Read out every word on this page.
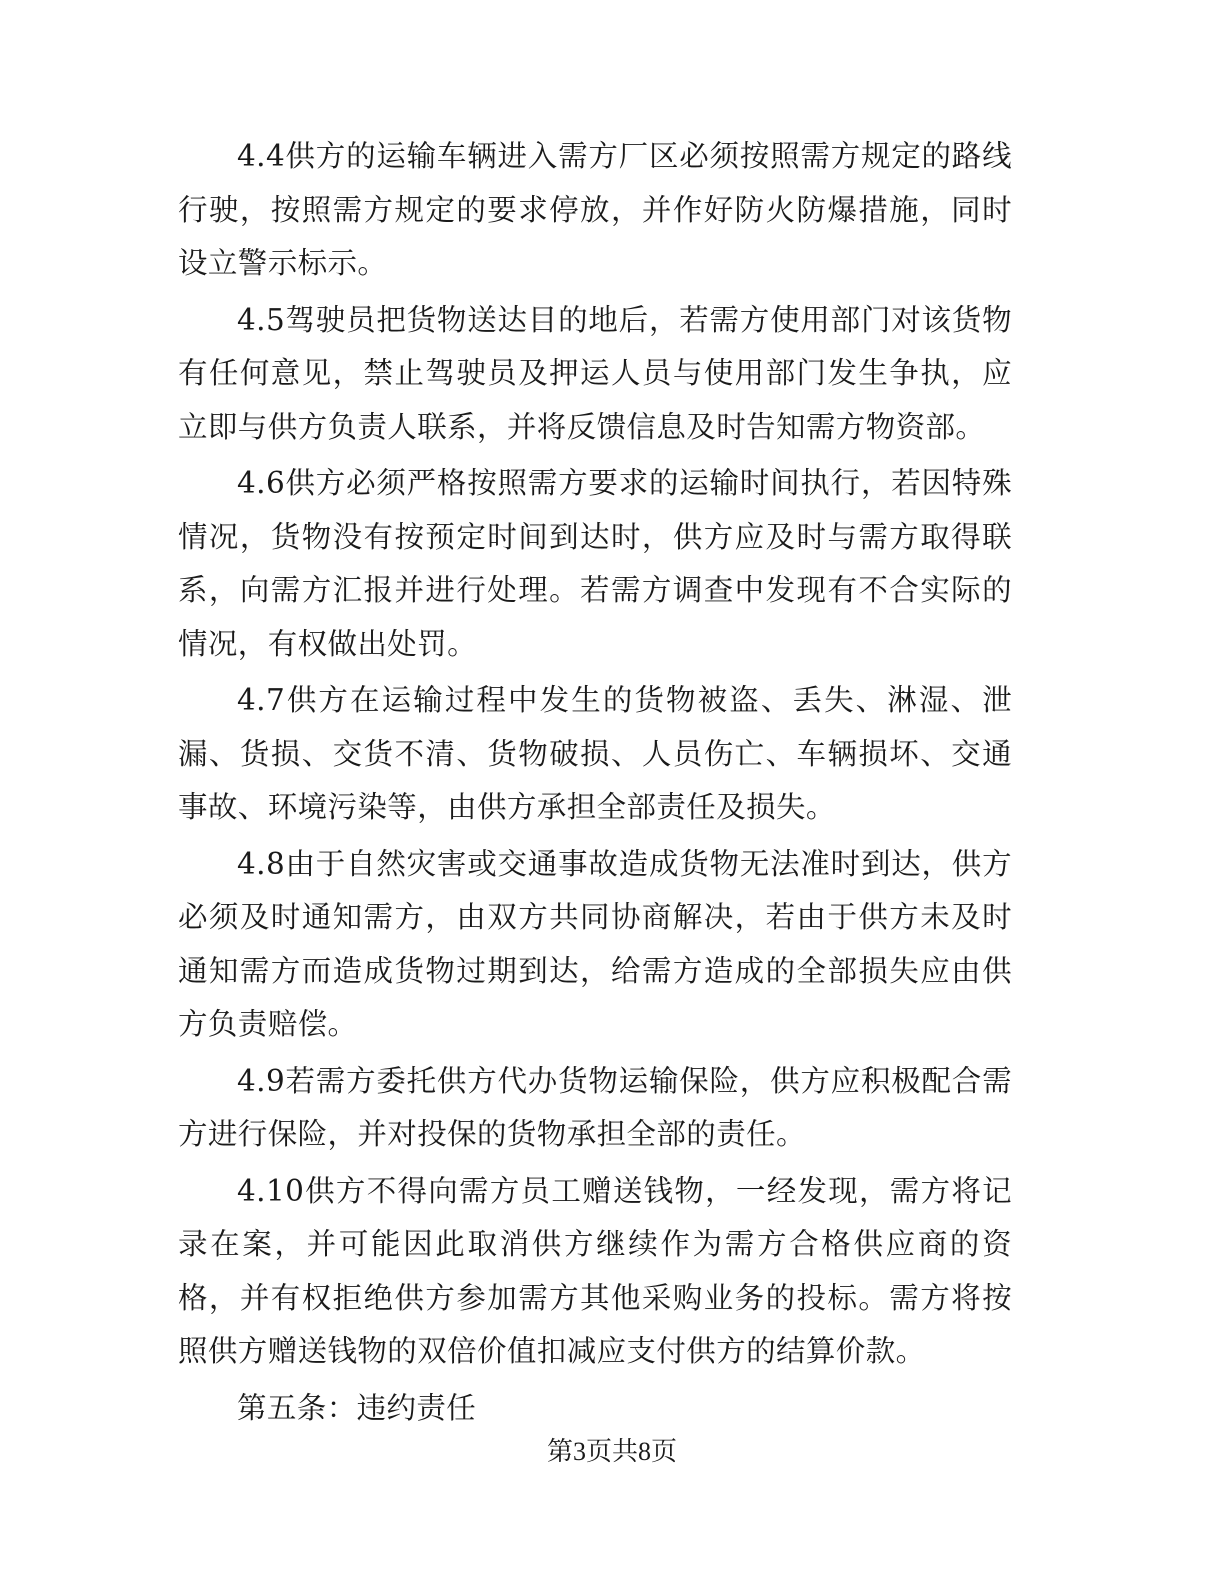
4.4供方的运输车辆进入需方厂区必须按照需方规定的路线行驶，按照需方规定的要求停放，并作好防火防爆措施，同时设立警示标示。

4.5驾驶员把货物送达目的地后，若需方使用部门对该货物有任何意见，禁止驾驶员及押运人员与使用部门发生争执，应立即与供方负责人联系，并将反馈信息及时告知需方物资部。

4.6供方必须严格按照需方要求的运输时间执行，若因特殊情况，货物没有按预定时间到达时，供方应及时与需方取得联系，向需方汇报并进行处理。若需方调查中发现有不合实际的情况，有权做出处罚。

4.7供方在运输过程中发生的货物被盗、丢失、淋湿、泄漏、货损、交货不清、货物破损、人员伤亡、车辆损坏、交通事故、环境污染等，由供方承担全部责任及损失。

4.8由于自然灾害或交通事故造成货物无法准时到达，供方必须及时通知需方，由双方共同协商解决，若由于供方未及时通知需方而造成货物过期到达，给需方造成的全部损失应由供方负责赔偿。

4.9若需方委托供方代办货物运输保险，供方应积极配合需方进行保险，并对投保的货物承担全部的责任。

4.10供方不得向需方员工赠送钱物，一经发现，需方将记录在案，并可能因此取消供方继续作为需方合格供应商的资格，并有权拒绝供方参加需方其他采购业务的投标。需方将按照供方赠送钱物的双倍价值扣减应支付供方的结算价款。

第五条：违约责任

第3页共8页
